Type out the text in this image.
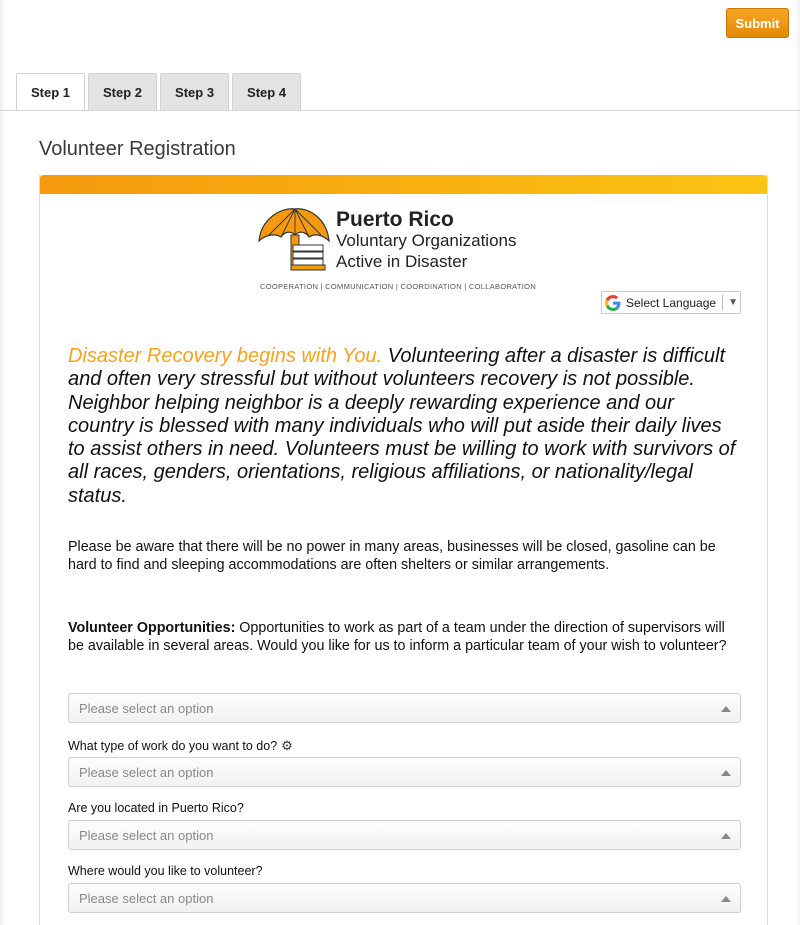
Submit
Step 1	Step 2	Step 3	Step 4
Volunteer Registration
Puerto Rico
Voluntary Organizations
Active in Disaster
COOPERATION | COMMUNICATION | COORDINATION | COLLABORATION
Select Language ▼
Disaster Recovery begins with You. Volunteering after a disaster is difficult and often very stressful but without volunteers recovery is not possible. Neighbor helping neighbor is a deeply rewarding experience and our country is blessed with many individuals who will put aside their daily lives to assist others in need. Volunteers must be willing to work with survivors of all races, genders, orientations, religious affiliations, or nationality/legal status.
Please be aware that there will be no power in many areas, businesses will be closed, gasoline can be hard to find and sleeping accommodations are often shelters or similar arrangements.
Volunteer Opportunities: Opportunities to work as part of a team under the direction of supervisors will be available in several areas. Would you like for us to inform a particular team of your wish to volunteer?
Please select an option
What type of work do you want to do? ⚙
Please select an option
Are you located in Puerto Rico?
Please select an option
Where would you like to volunteer?
Please select an option
